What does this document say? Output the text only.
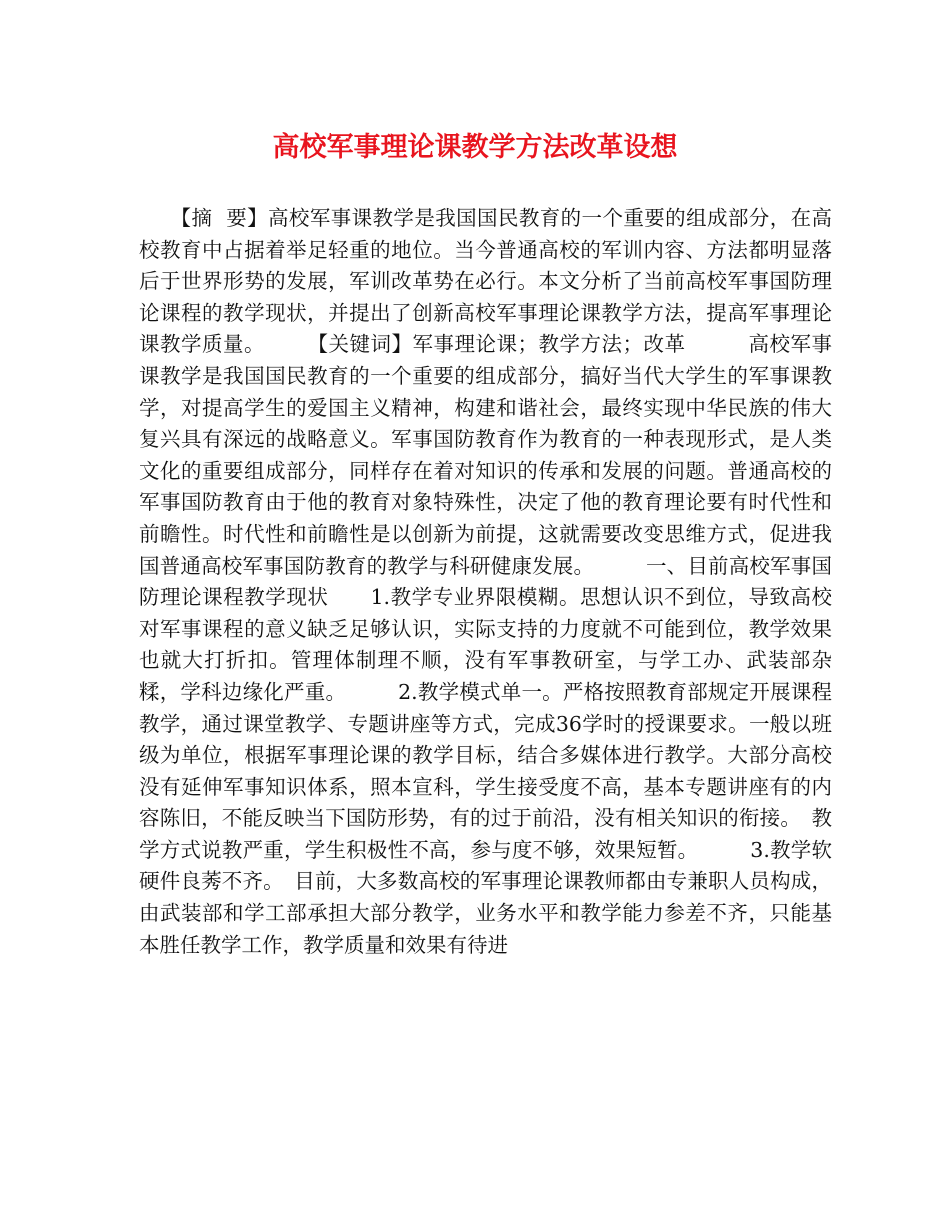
高校军事理论课教学方法改革设想

　　【摘  要】高校军事课教学是我国国民教育的一个重要的组成部分，在高校教育中占据着举足轻重的地位。当今普通高校的军训内容、方法都明显落后于世界形势的发展，军训改革势在必行。本文分析了当前高校军事国防理论课程的教学现状，并提出了创新高校军事理论课教学方法，提高军事理论课教学质量。　　　【关键词】军事理论课；教学方法；改革　　　高校军事课教学是我国国民教育的一个重要的组成部分，搞好当代大学生的军事课教学，对提高学生的爱国主义精神，构建和谐社会，最终实现中华民族的伟大复兴具有深远的战略意义。军事国防教育作为教育的一种表现形式，是人类文化的重要组成部分，同样存在着对知识的传承和发展的问题。普通高校的军事国防教育由于他的教育对象特殊性，决定了他的教育理论要有时代性和前瞻性。时代性和前瞻性是以创新为前提，这就需要改变思维方式，促进我国普通高校军事国防教育的教学与科研健康发展。　　　一、目前高校军事国防理论课程教学现状　　1.教学专业界限模糊。思想认识不到位，导致高校对军事课程的意义缺乏足够认识，实际支持的力度就不可能到位，教学效果也就大打折扣。管理体制理不顺，没有军事教研室，与学工办、武装部杂糅，学科边缘化严重。　　　2.教学模式单一。严格按照教育部规定开展课程教学，通过课堂教学、专题讲座等方式，完成36学时的授课要求。一般以班级为单位，根据军事理论课的教学目标，结合多媒体进行教学。大部分高校没有延伸军事知识体系，照本宣科，学生接受度不高，基本专题讲座有的内容陈旧，不能反映当下国防形势，有的过于前沿，没有相关知识的衔接。　教学方式说教严重，学生积极性不高，参与度不够，效果短暂。　　　3.教学软硬件良莠不齐。　目前，大多数高校的军事理论课教师都由专兼职人员构成，由武装部和学工部承担大部分教学，业务水平和教学能力参差不齐，只能基本胜任教学工作，教学质量和效果有待进
